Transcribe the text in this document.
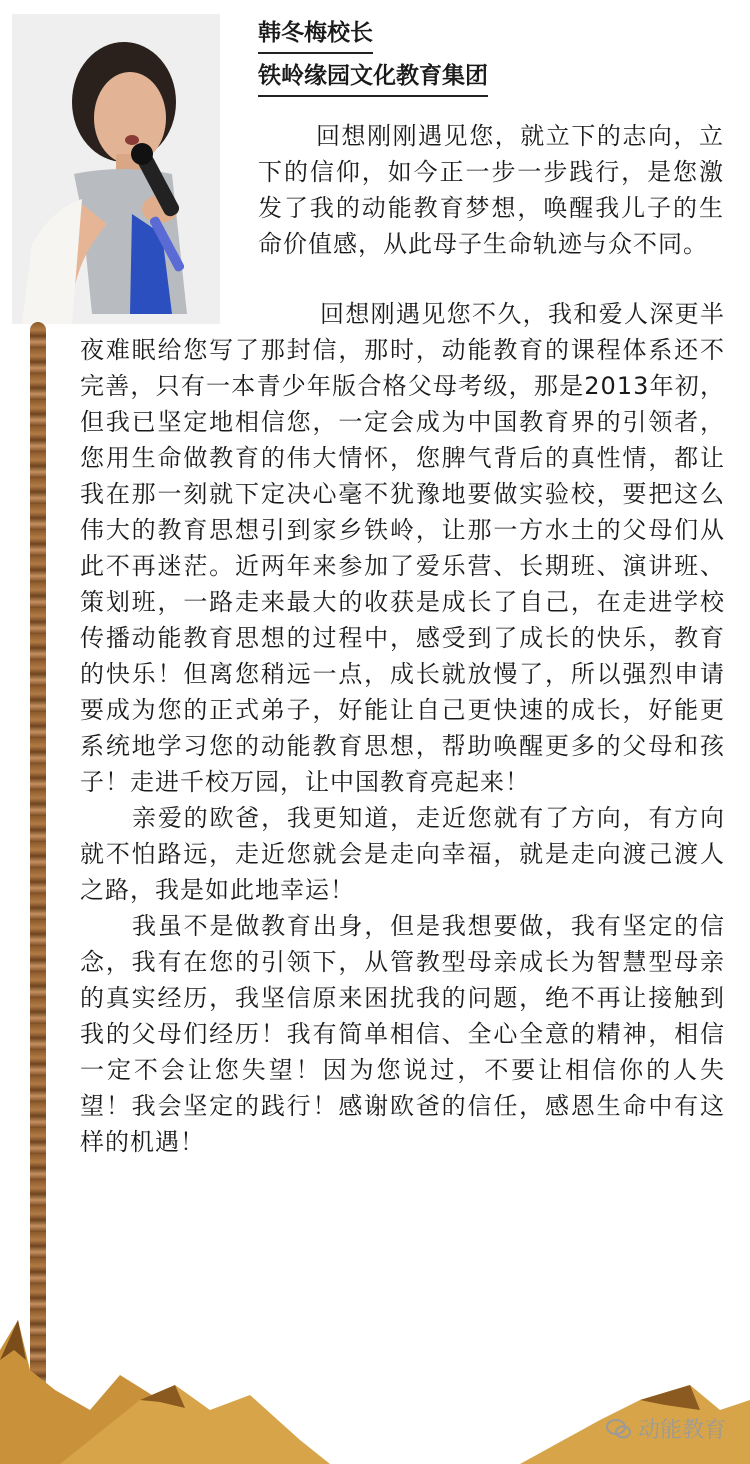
韩冬梅校长
铁岭缘园文化教育集团

回想刚刚遇见您，就立下的志向，立下的信仰，如今正一步一步践行，是您激发了我的动能教育梦想，唤醒我儿子的生命价值感，从此母子生命轨迹与众不同。

回想刚遇见您不久，我和爱人深更半夜难眠给您写了那封信，那时，动能教育的课程体系还不完善，只有一本青少年版合格父母考级，那是2013年初，但我已坚定地相信您，一定会成为中国教育界的引领者，您用生命做教育的伟大情怀，您脾气背后的真性情，都让我在那一刻就下定决心毫不犹豫地要做实验校，要把这么伟大的教育思想引到家乡铁岭，让那一方水土的父母们从此不再迷茫。近两年来参加了爱乐营、长期班、演讲班、策划班，一路走来最大的收获是成长了自己，在走进学校传播动能教育思想的过程中，感受到了成长的快乐，教育的快乐！但离您稍远一点，成长就放慢了，所以强烈申请要成为您的正式弟子，好能让自己更快速的成长，好能更系统地学习您的动能教育思想，帮助唤醒更多的父母和孩子！走进千校万园，让中国教育亮起来！

亲爱的欧爸，我更知道，走近您就有了方向，有方向就不怕路远，走近您就会是走向幸福，就是走向渡己渡人之路，我是如此地幸运！

我虽不是做教育出身，但是我想要做，我有坚定的信念，我有在您的引领下，从管教型母亲成长为智慧型母亲的真实经历，我坚信原来困扰我的问题，绝不再让接触到我的父母们经历！我有简单相信、全心全意的精神，相信一定不会让您失望！因为您说过，不要让相信你的人失望！我会坚定的践行！感谢欧爸的信任，感恩生命中有这样的机遇！

动能教育
